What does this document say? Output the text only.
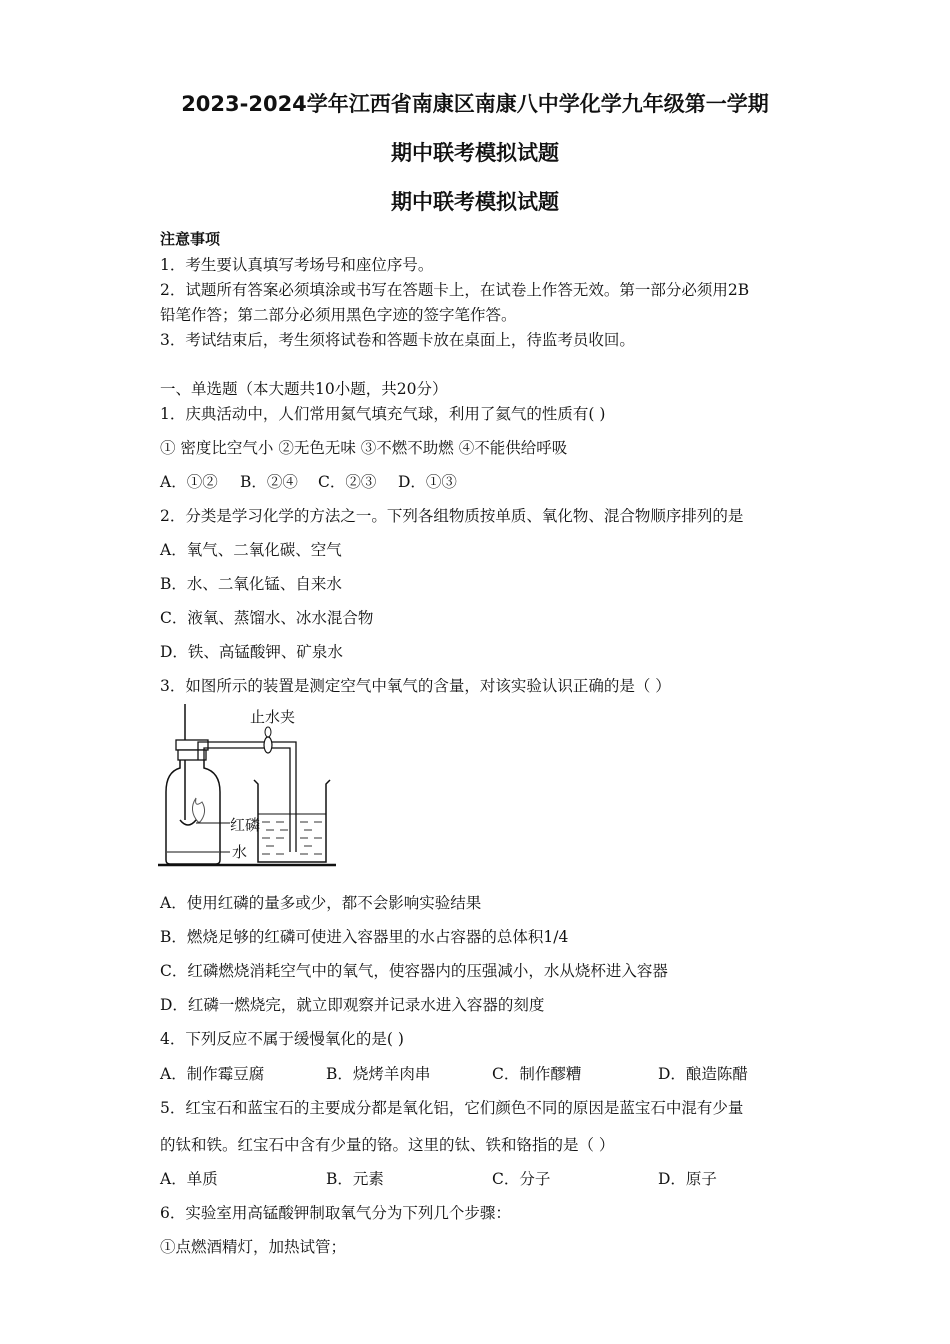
2023-2024学年江西省南康区南康八中学化学九年级第一学期
期中联考模拟试题
期中联考模拟试题
注意事项
1．考生要认真填写考场号和座位序号。
2．试题所有答案必须填涂或书写在答题卡上，在试卷上作答无效。第一部分必须用2B
铅笔作答；第二部分必须用黑色字迹的签字笔作答。
3．考试结束后，考生须将试卷和答题卡放在桌面上，待监考员收回。
一、单选题（本大题共10小题，共20分）
1．庆典活动中，人们常用氦气填充气球，利用了氦气的性质有( )
① 密度比空气小 ②无色无味 ③不燃不助燃 ④不能供给呼吸
A．①② B．②④ C．②③ D．①③
2．分类是学习化学的方法之一。下列各组物质按单质、氧化物、混合物顺序排列的是
A．氧气、二氧化碳、空气
B．水、二氧化锰、自来水
C．液氧、蒸馏水、冰水混合物
D．铁、高锰酸钾、矿泉水
3．如图所示的装置是测定空气中氧气的含量，对该实验认识正确的是（ ）
止水夹
红磷
水
A．使用红磷的量多或少，都不会影响实验结果
B．燃烧足够的红磷可使进入容器里的水占容器的总体积1/4
C．红磷燃烧消耗空气中的氧气，使容器内的压强减小，水从烧杯进入容器
D．红磷一燃烧完，就立即观察并记录水进入容器的刻度
4．下列反应不属于缓慢氧化的是( )
A．制作霉豆腐	B．烧烤羊肉串	C．制作醪糟	D．酿造陈醋
5．红宝石和蓝宝石的主要成分都是氧化铝，它们颜色不同的原因是蓝宝石中混有少量
的钛和铁。红宝石中含有少量的铬。这里的钛、铁和铬指的是（ ）
A．单质	B．元素	C．分子	D．原子
6．实验室用高锰酸钾制取氧气分为下列几个步骤：
①点燃酒精灯，加热试管；
